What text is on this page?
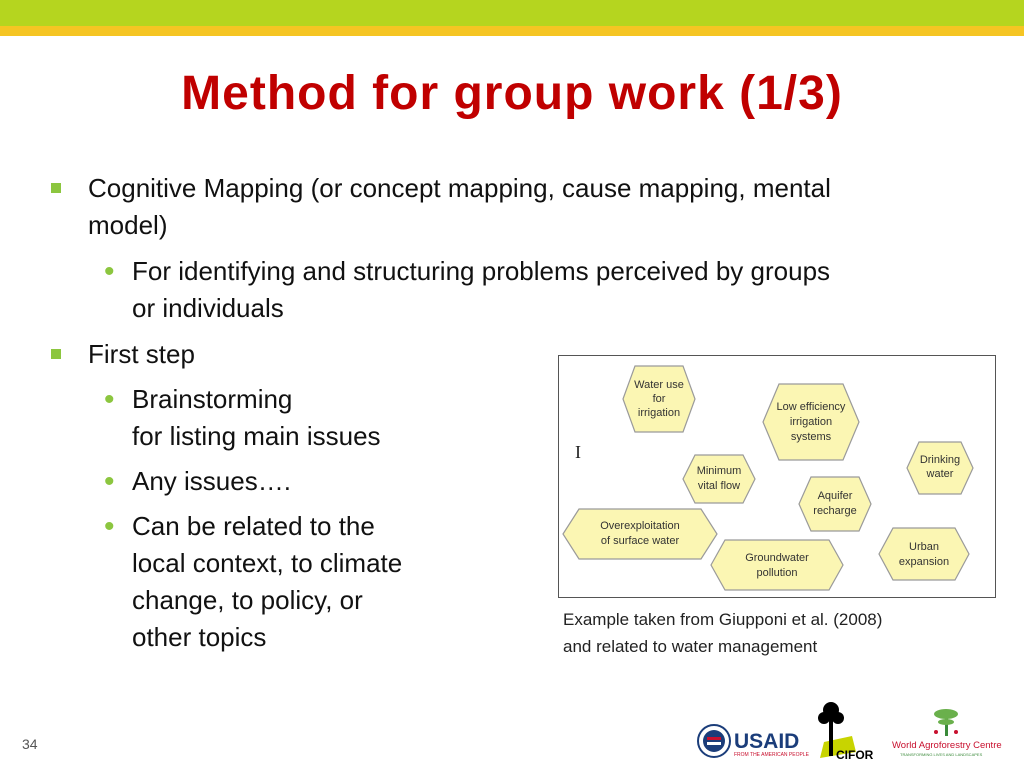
Method for group work (1/3)
Cognitive Mapping (or concept mapping, cause mapping, mental
model)
• For identifying and structuring problems perceived by groups
or individuals
First step
• Brainstorming
for listing main issues
• Any issues….
• Can be related to the
local context, to climate
change, to policy, or
other topics
Water use
for
irrigation	Low efficiency
irrigation
systems
Drinking
water
Minimum
vital flow
Aquifer
recharge
Overexploitation
of surface water
Groundwater
pollution
Urban
expansion
I
Example taken from Giupponi et al. (2008)
and related to water management
34	USAID
FROM THE AMERICAN PEOPLE CIFOR
World Agroforestry Centre
TRANSFORMING LIVES AND LANDSCAPES
